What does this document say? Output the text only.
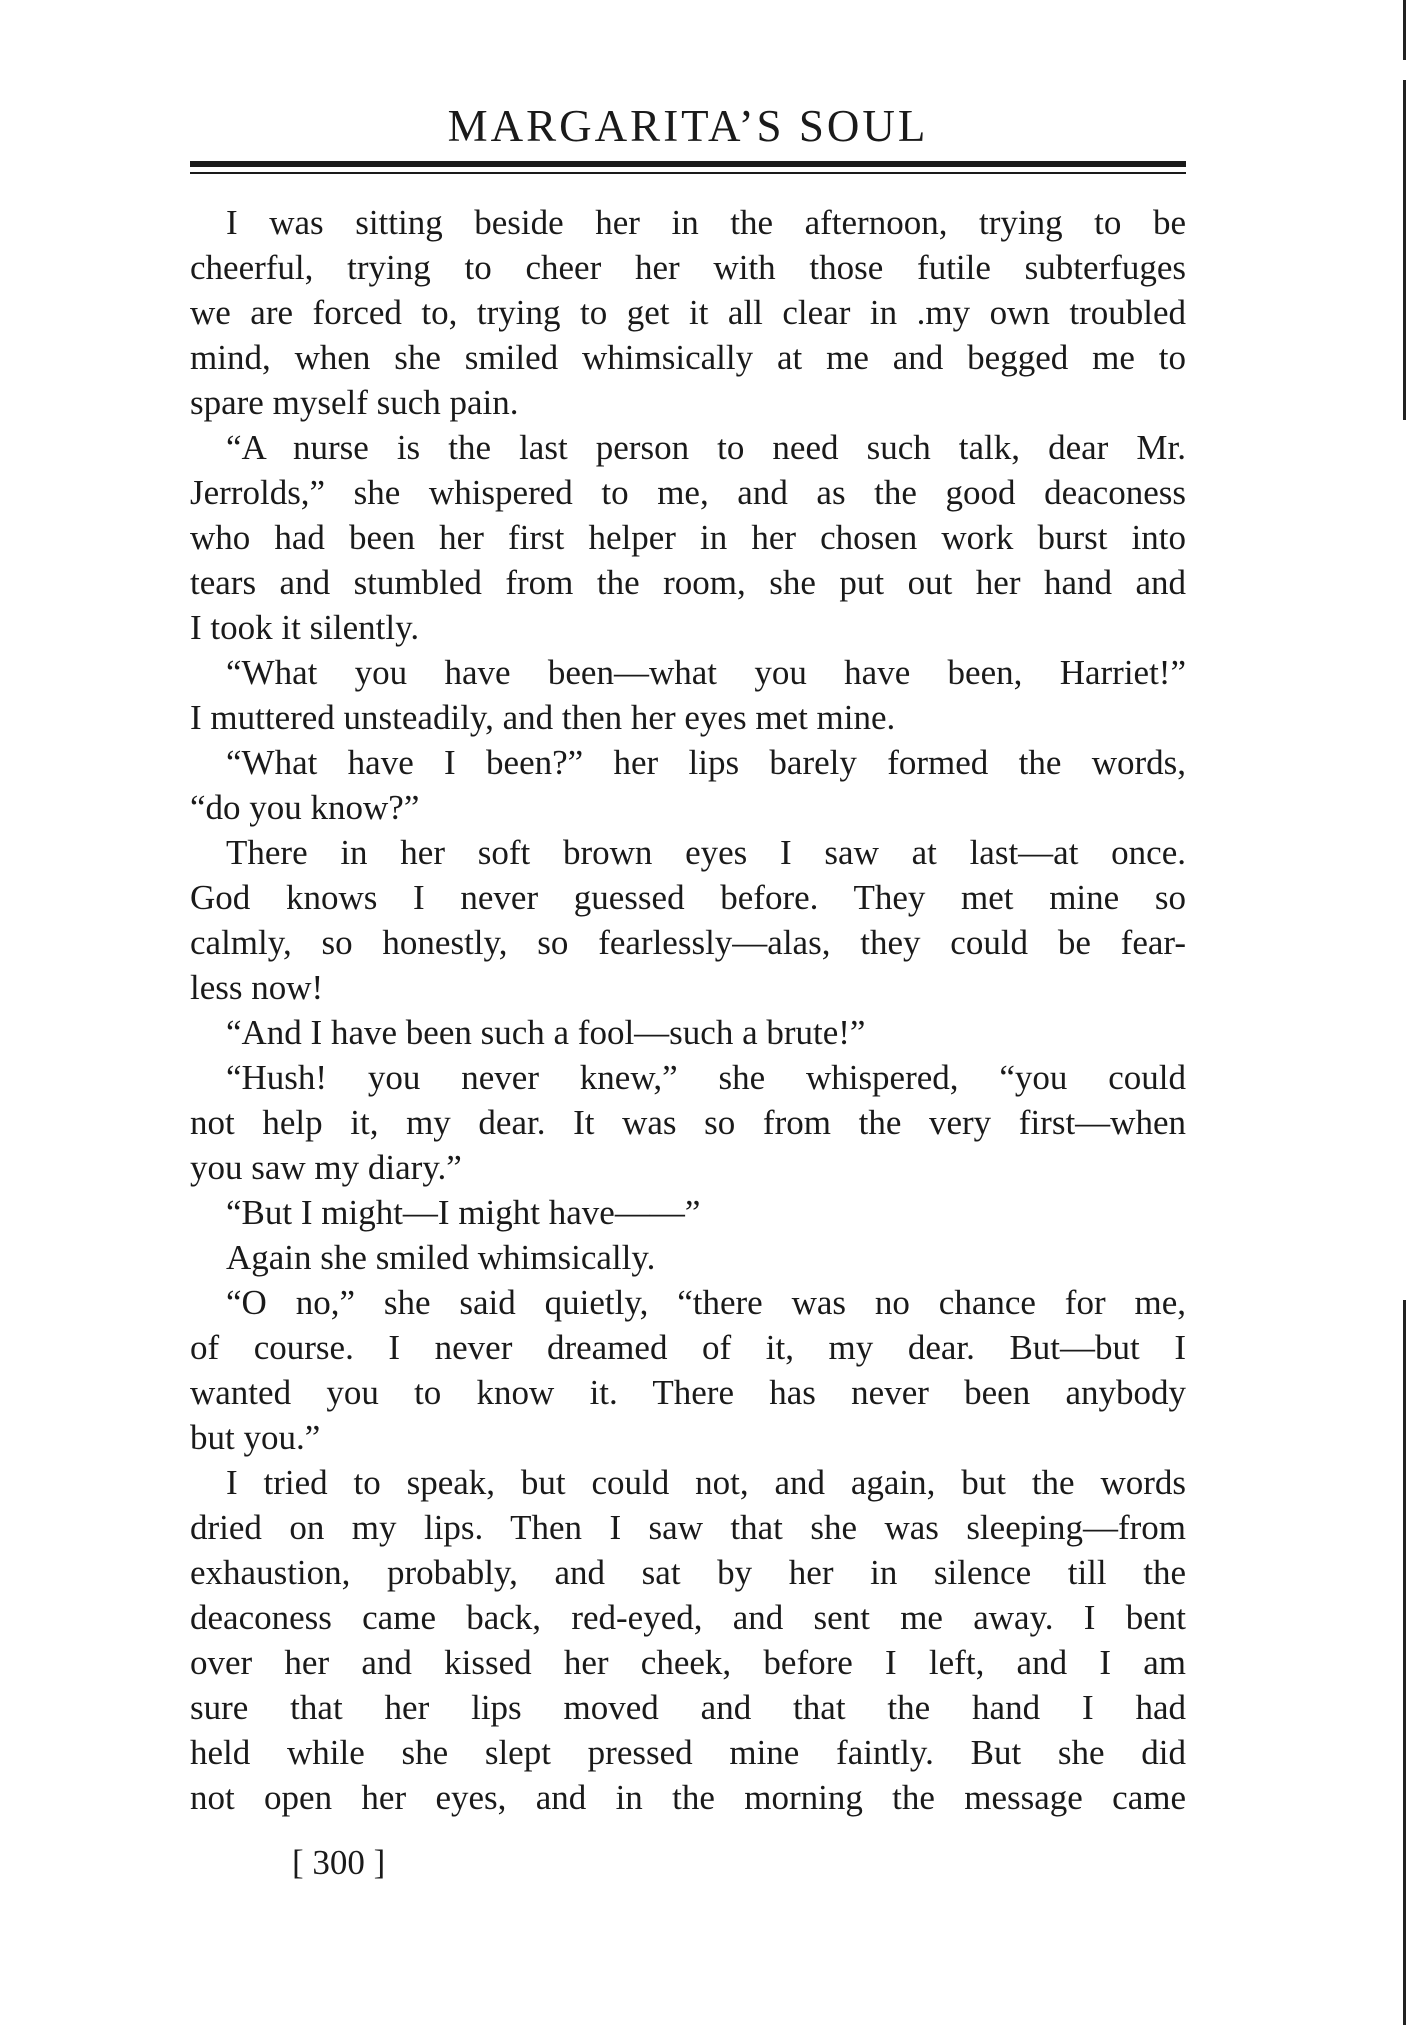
MARGARITA’S SOUL
I was sitting beside her in the afternoon, trying to be
cheerful, trying to cheer her with those futile subterfuges
we are forced to, trying to get it all clear in .my own troubled
mind, when she smiled whimsically at me and begged me to
spare myself such pain.
“A nurse is the last person to need such talk, dear Mr.
Jerrolds,” she whispered to me, and as the good deaconess
who had been her first helper in her chosen work burst into
tears and stumbled from the room, she put out her hand and
I took it silently.
“What you have been—what you have been, Harriet!”
I muttered unsteadily, and then her eyes met mine.
“What have I been?” her lips barely formed the words,
“do you know?”
There in her soft brown eyes I saw at last—at once.
God knows I never guessed before. They met mine so
calmly, so honestly, so fearlessly—alas, they could be fear-
less now!
“And I have been such a fool—such a brute!”
“Hush! you never knew,” she whispered, “you could
not help it, my dear. It was so from the very first—when
you saw my diary.”
“But I might—I might have——”
Again she smiled whimsically.
“O no,” she said quietly, “there was no chance for me,
of course. I never dreamed of it, my dear. But—but I
wanted you to know it. There has never been anybody
but you.”
I tried to speak, but could not, and again, but the words
dried on my lips. Then I saw that she was sleeping—from
exhaustion, probably, and sat by her in silence till the
deaconess came back, red-eyed, and sent me away. I bent
over her and kissed her cheek, before I left, and I am
sure that her lips moved and that the hand I had
held while she slept pressed mine faintly. But she did
not open her eyes, and in the morning the message came
[ 300 ]
